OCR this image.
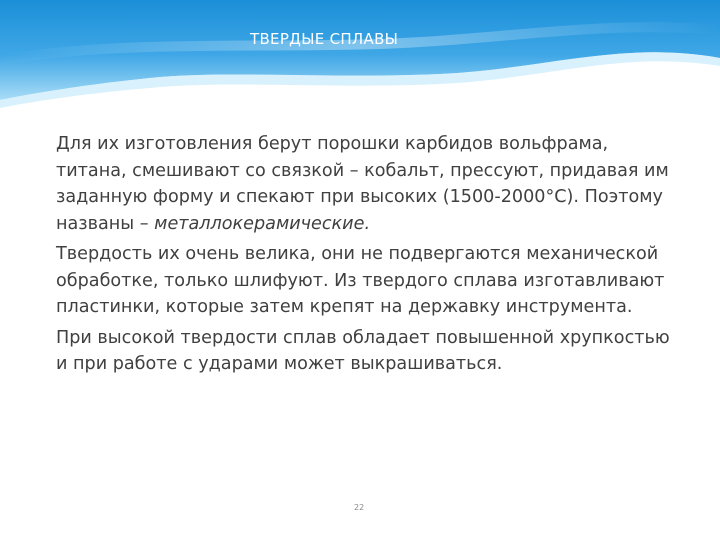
ТВЕРДЫЕ СПЛАВЫ

Для их изготовления берут порошки карбидов вольфрама, титана, смешивают со связкой – кобальт, прессуют, придавая им заданную форму и спекают при высоких (1500-2000°С). Поэтому названы – металлокерамические.

Твердость их очень велика, они не подвергаются механической обработке, только шлифуют. Из твердого сплава изготавливают пластинки, которые затем крепят на державку инструмента.

При высокой твердости сплав обладает повышенной хрупкостью и при работе с ударами может выкрашиваться.

22
